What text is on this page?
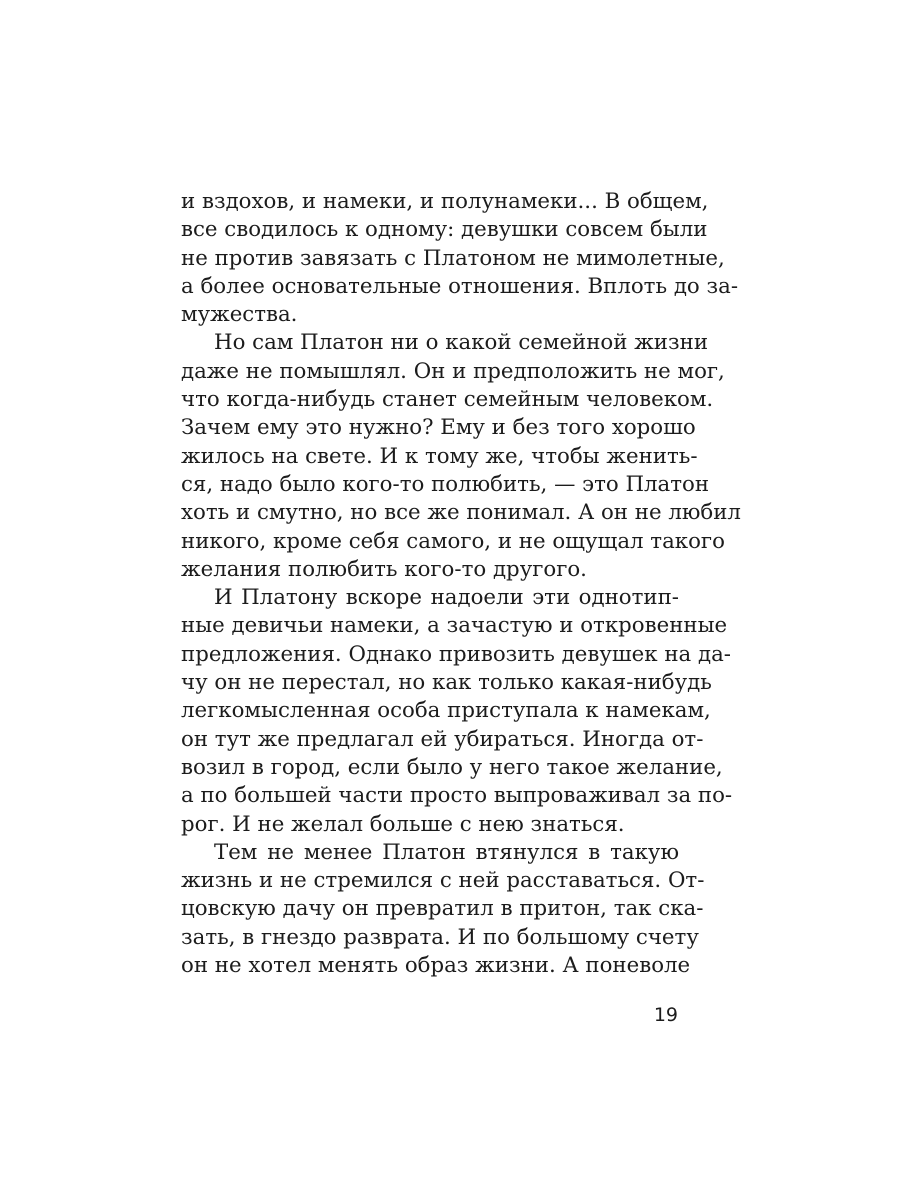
и вздохов, и намеки, и полунамеки... В общем,
все сводилось к одному: девушки совсем были
не против завязать с Платоном не мимолетные,
а более основательные отношения. Вплоть до за-
мужества.
Но сам Платон ни о какой семейной жизни
даже не помышлял. Он и предположить не мог,
что когда-нибудь станет семейным человеком.
Зачем ему это нужно? Ему и без того хорошо
жилось на свете. И к тому же, чтобы женить-
ся, надо было кого-то полюбить, — это Платон
хоть и смутно, но все же понимал. А он не любил
никого, кроме себя самого, и не ощущал такого
желания полюбить кого-то другого.
И Платону вскоре надоели эти однотип-
ные девичьи намеки, а зачастую и откровенные
предложения. Однако привозить девушек на да-
чу он не перестал, но как только какая-нибудь
легкомысленная особа приступала к намекам,
он тут же предлагал ей убираться. Иногда от-
возил в город, если было у него такое желание,
а по большей части просто выпроваживал за по-
рог. И не желал больше с нею знаться.
Тем не менее Платон втянулся в такую
жизнь и не стремился с ней расставаться. От-
цовскую дачу он превратил в притон, так ска-
зать, в гнездо разврата. И по большому счету
он не хотел менять образ жизни. А поневоле
19
